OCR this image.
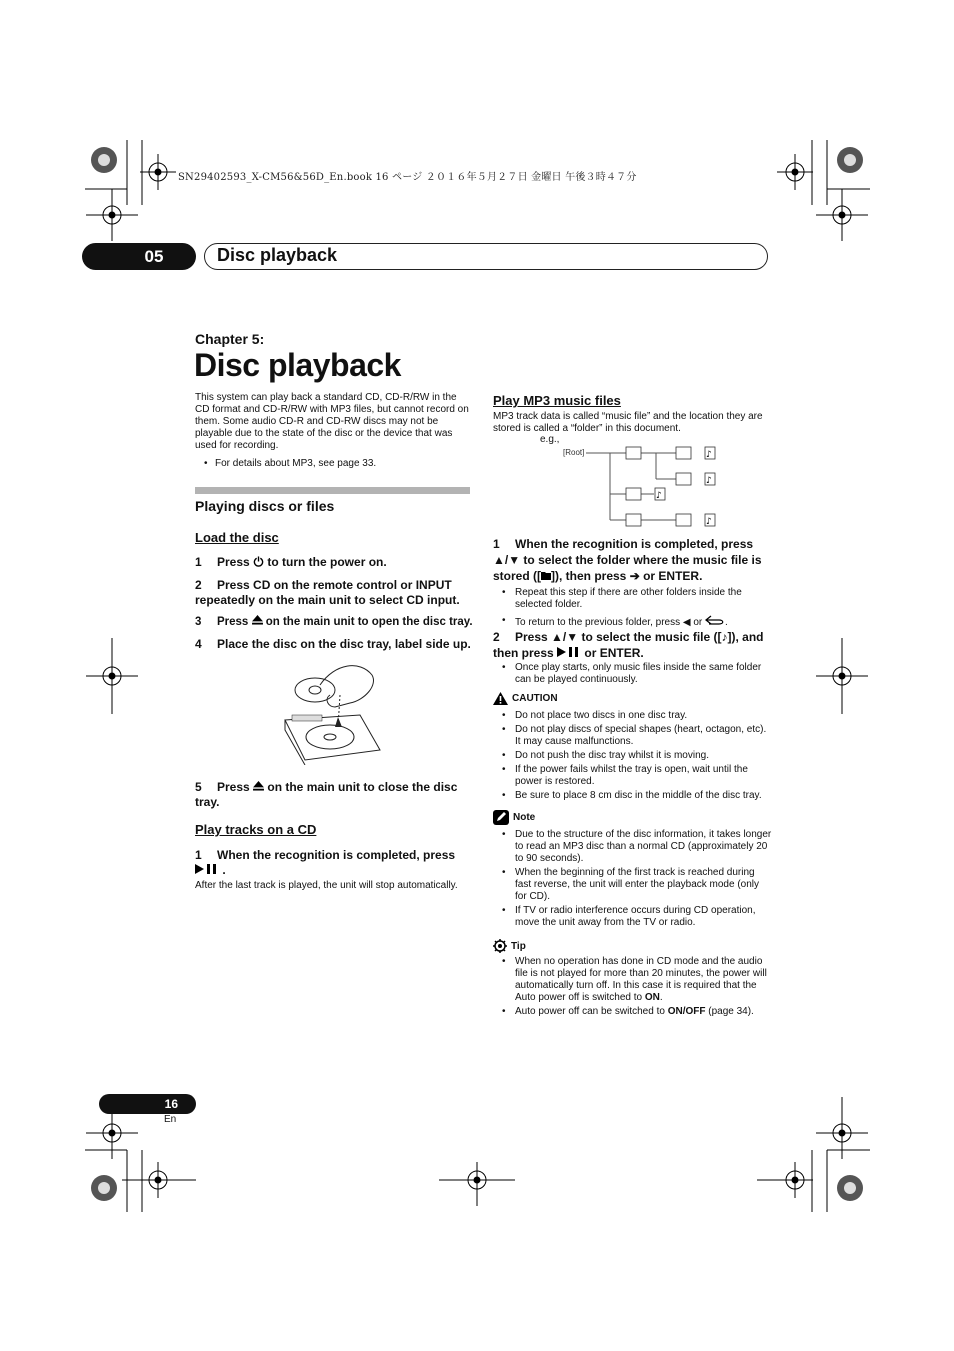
SN29402593_X-CM56&56D_En.book 16 ページ ２０１６年５月２７日 金曜日 午後３時４７分
05	Disc playback
Chapter 5:
Disc playback
This system can play back a standard CD, CD-R/RW in the CD format and CD-R/RW with MP3 files, but cannot record on them. Some audio CD-R and CD-RW discs may not be playable due to the state of the disc or the device that was used for recording.
• For details about MP3, see page 33.
Playing discs or files
Load the disc
1 Press  to turn the power on.
2 Press CD on the remote control or INPUT repeatedly on the main unit to select CD input.
3 Press  on the main unit to open the disc tray.
4 Place the disc on the disc tray, label side up.
5 Press  on the main unit to close the disc tray.
Play tracks on a CD
1 When the recognition is completed, press
.
After the last track is played, the unit will stop automatically.
Play MP3 music files
MP3 track data is called “music file” and the location they are stored is called a “folder” in this document.
e.g.,
[Root]	♪
♪
♪
♪
1 When the recognition is completed, press ▲/▼ to select the folder where the music file is stored ([ ]), then press ➔ or ENTER.
• Repeat this step if there are other folders inside the selected folder.
• To return to the previous folder, press ◀ or .
2 Press ▲/▼ to select the music file ([♪]), and then press  or ENTER.
• Once play starts, only music files inside the same folder can be played continuously.
CAUTION
• Do not place two discs in one disc tray.
• Do not play discs of special shapes (heart, octagon, etc). It may cause malfunctions.
• Do not push the disc tray whilst it is moving.
• If the power fails whilst the tray is open, wait until the power is restored.
• Be sure to place 8 cm disc in the middle of the disc tray.
Note
• Due to the structure of the disc information, it takes longer to read an MP3 disc than a normal CD (approximately 20 to 90 seconds).
• When the beginning of the first track is reached during fast reverse, the unit will enter the playback mode (only for CD).
• If TV or radio interference occurs during CD operation, move the unit away from the TV or radio.
Tip
• When no operation has done in CD mode and the audio file is not played for more than 20 minutes, the power will automatically turn off. In this case it is required that the Auto power off is switched to ON.
• Auto power off can be switched to ON/OFF (page 34).
16
En
